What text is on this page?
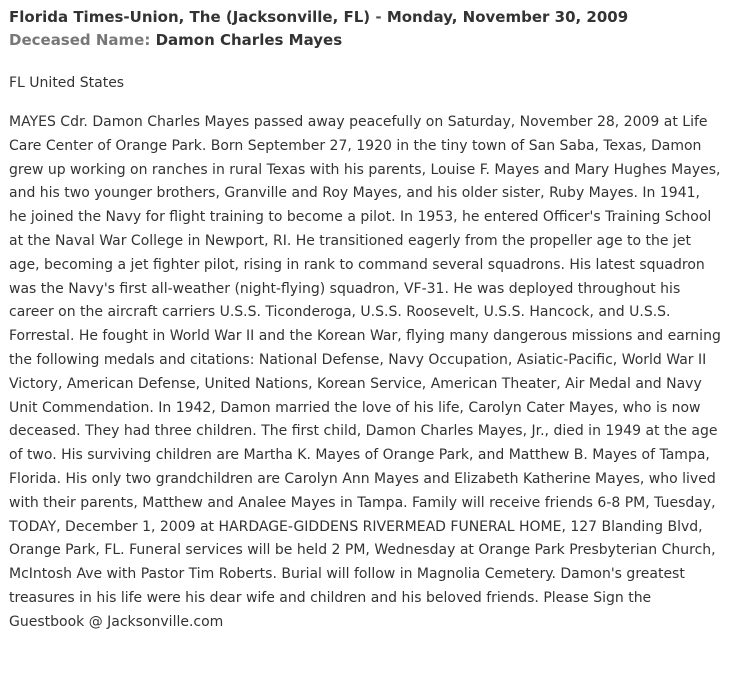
Florida Times-Union, The (Jacksonville, FL) - Monday, November 30, 2009
Deceased Name: Damon Charles Mayes
FL United States
MAYES Cdr. Damon Charles Mayes passed away peacefully on Saturday, November 28, 2009 at Life Care Center of Orange Park. Born September 27, 1920 in the tiny town of San Saba, Texas, Damon grew up working on ranches in rural Texas with his parents, Louise F. Mayes and Mary Hughes Mayes, and his two younger brothers, Granville and Roy Mayes, and his older sister, Ruby Mayes. In 1941, he joined the Navy for flight training to become a pilot. In 1953, he entered Officer's Training School at the Naval War College in Newport, RI. He transitioned eagerly from the propeller age to the jet age, becoming a jet fighter pilot, rising in rank to command several squadrons. His latest squadron was the Navy's first all-weather (night-flying) squadron, VF-31. He was deployed throughout his career on the aircraft carriers U.S.S. Ticonderoga, U.S.S. Roosevelt, U.S.S. Hancock, and U.S.S. Forrestal. He fought in World War II and the Korean War, flying many dangerous missions and earning the following medals and citations: National Defense, Navy Occupation, Asiatic-Pacific, World War II Victory, American Defense, United Nations, Korean Service, American Theater, Air Medal and Navy Unit Commendation. In 1942, Damon married the love of his life, Carolyn Cater Mayes, who is now deceased. They had three children. The first child, Damon Charles Mayes, Jr., died in 1949 at the age of two. His surviving children are Martha K. Mayes of Orange Park, and Matthew B. Mayes of Tampa, Florida. His only two grandchildren are Carolyn Ann Mayes and Elizabeth Katherine Mayes, who lived with their parents, Matthew and Analee Mayes in Tampa. Family will receive friends 6-8 PM, Tuesday, TODAY, December 1, 2009 at HARDAGE-GIDDENS RIVERMEAD FUNERAL HOME, 127 Blanding Blvd, Orange Park, FL. Funeral services will be held 2 PM, Wednesday at Orange Park Presbyterian Church, McIntosh Ave with Pastor Tim Roberts. Burial will follow in Magnolia Cemetery. Damon's greatest treasures in his life were his dear wife and children and his beloved friends. Please Sign the Guestbook @ Jacksonville.com
